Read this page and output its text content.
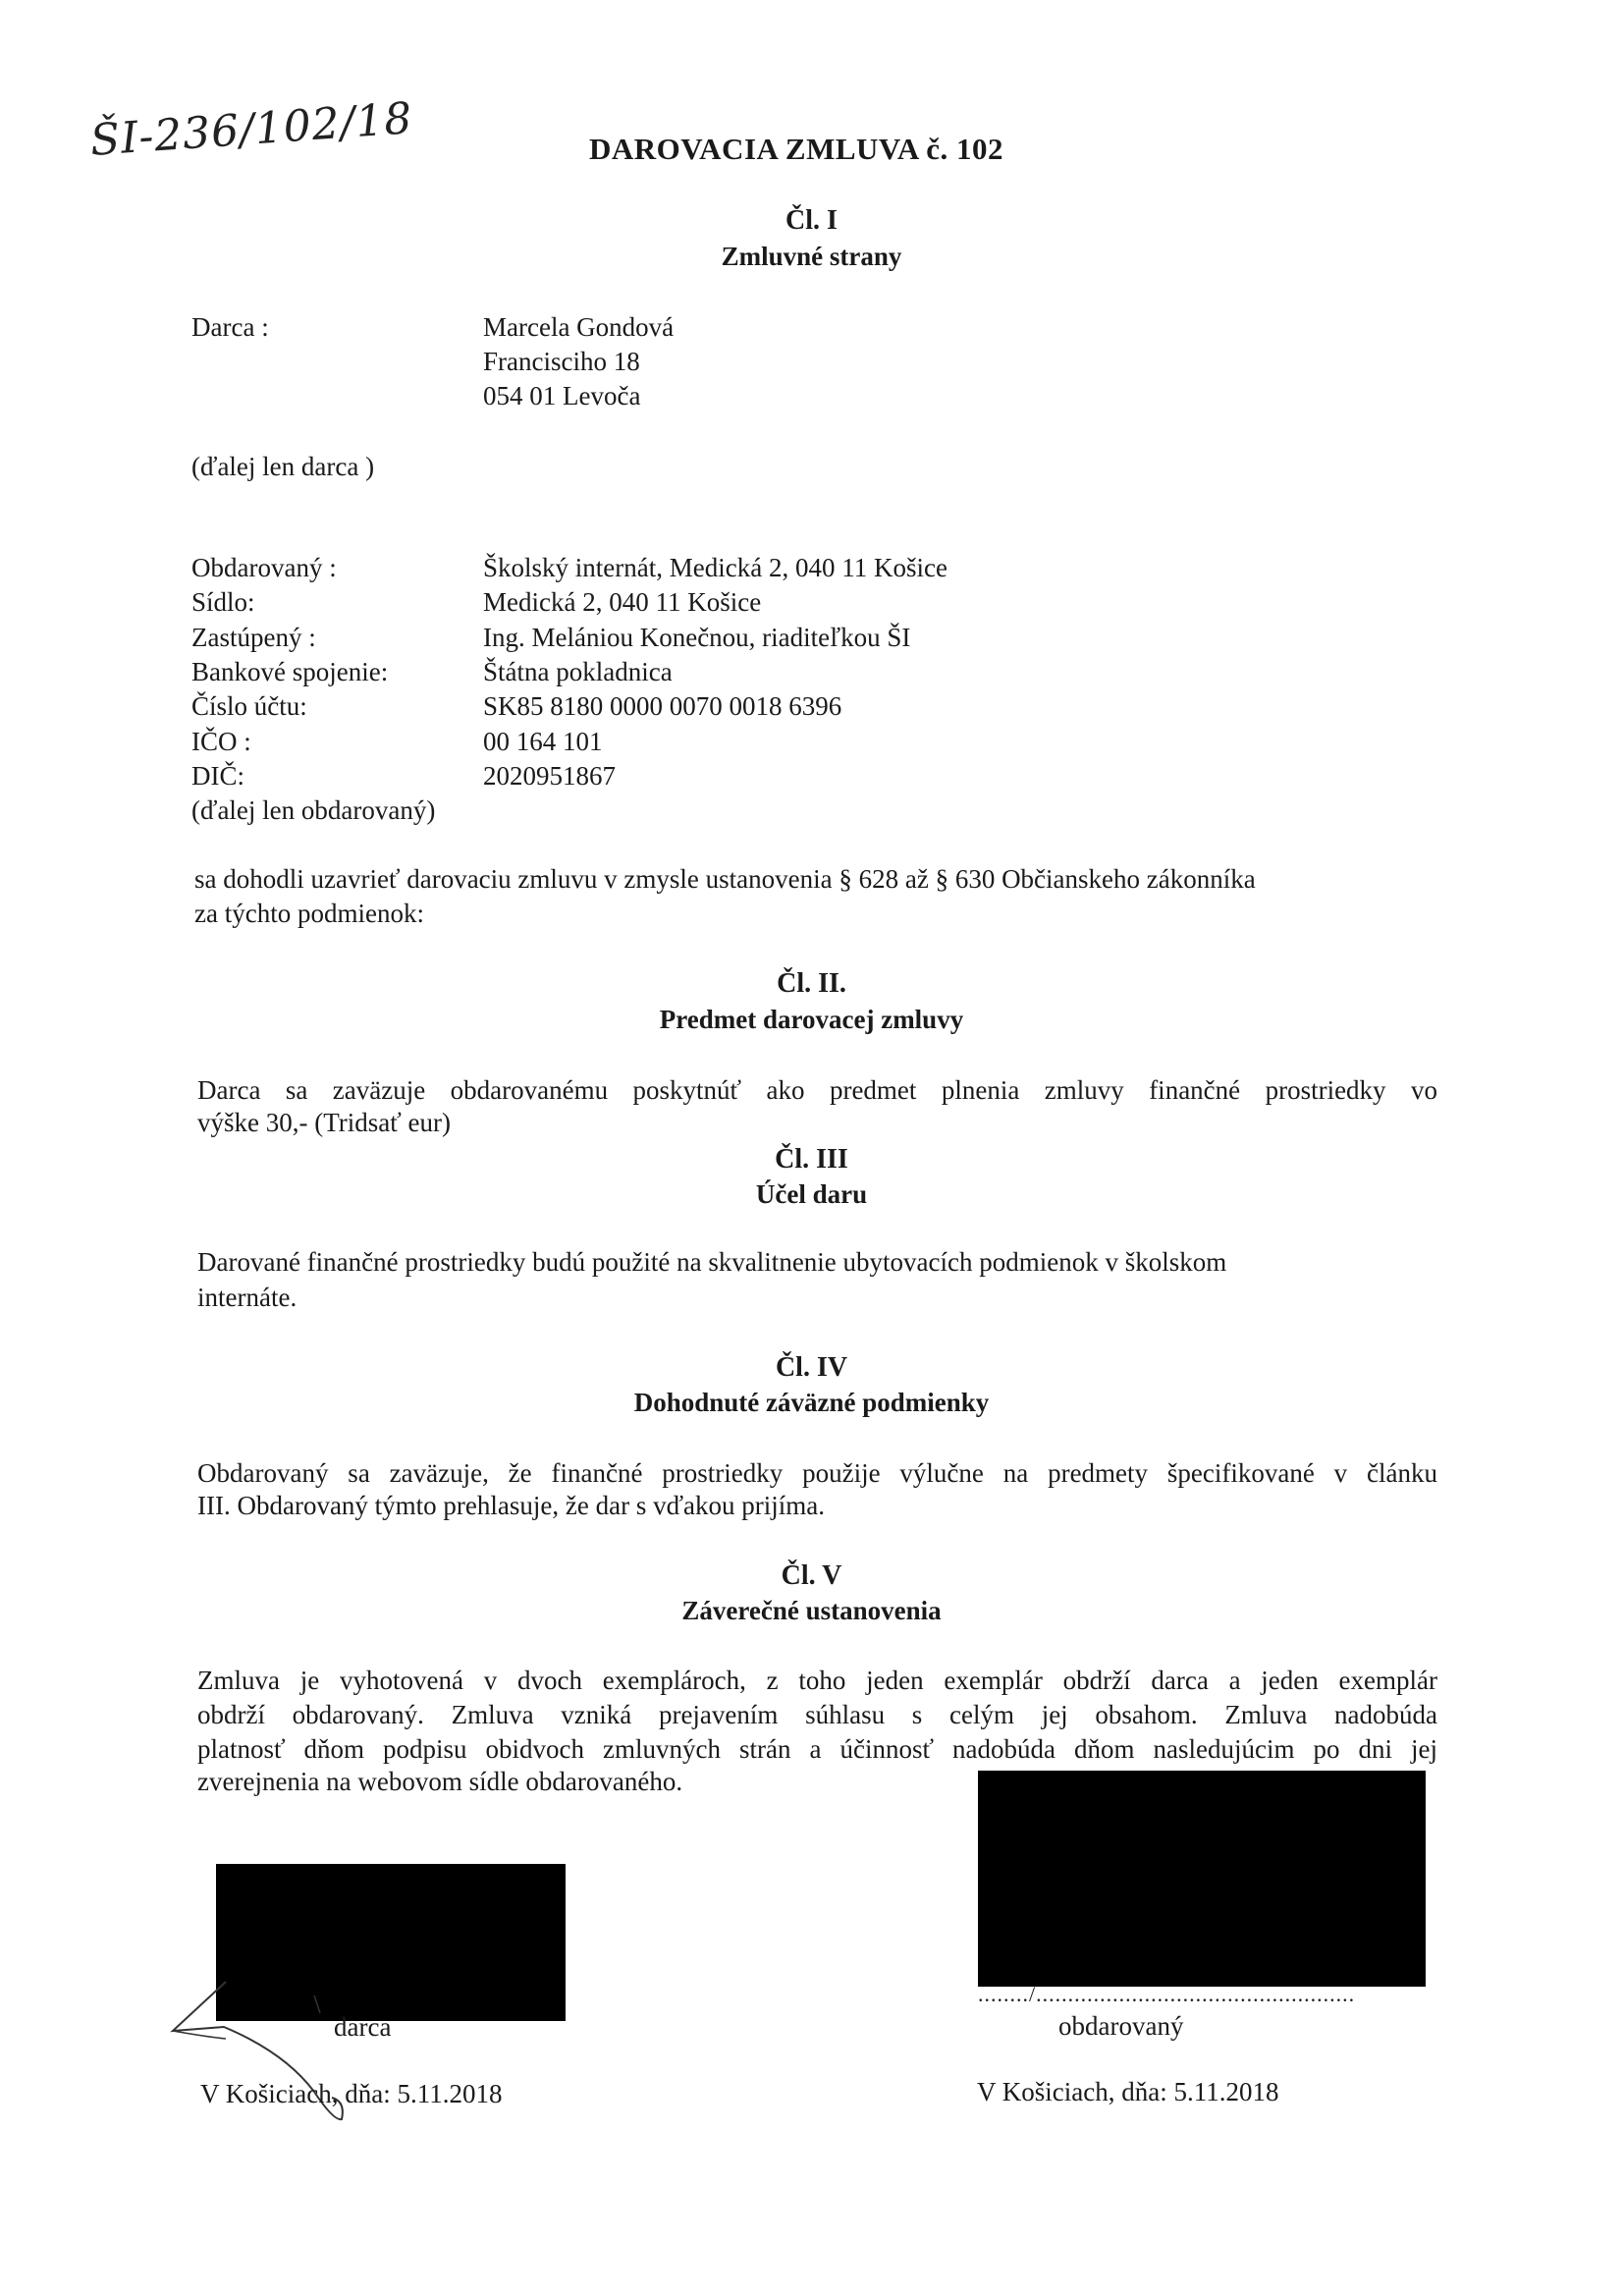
ŠI-236/102/18	DAROVACIA ZMLUVA č. 102
Čl. I
Zmluvné strany
Darca :	Marcela Gondová
Francisciho 18
054 01 Levoča
(ďalej len darca )
Obdarovaný :	Školský internát, Medická 2, 040 11 Košice
Sídlo:	Medická 2, 040 11 Košice
Zastúpený :	Ing. Melániou Konečnou, riaditeľkou ŠI
Bankové spojenie:	Štátna pokladnica
Číslo účtu:	SK85 8180 0000 0070 0018 6396
IČO :	00 164 101
DIČ:	2020951867
(ďalej len obdarovaný)
sa dohodli uzavrieť darovaciu zmluvu v zmysle ustanovenia § 628 až § 630 Občianskeho zákonníka
za týchto podmienok:
Čl. II.
Predmet darovacej zmluvy
Darca sa zaväzuje obdarovanému poskytnúť ako predmet plnenia zmluvy finančné prostriedky vo
výške 30,- (Tridsať eur)
Čl. III
Účel daru
Darované finančné prostriedky budú použité na skvalitnenie ubytovacích podmienok v školskom
internáte.
Čl. IV
Dohodnuté záväzné podmienky
Obdarovaný sa zaväzuje, že finančné prostriedky použije výlučne na predmety špecifikované v článku
III. Obdarovaný týmto prehlasuje, že dar s vďakou prijíma.
Čl. V
Záverečné ustanovenia
Zmluva je vyhotovená v dvoch exemplároch, z toho jeden exemplár obdrží darca a jeden exemplár
obdrží obdarovaný. Zmluva vzniká prejavením súhlasu s celým jej obsahom. Zmluva nadobúda
platnosť dňom podpisu obidvoch zmluvných strán a účinnosť nadobúda dňom nasledujúcim po dni jej
zverejnenia na webovom sídle obdarovaného.
darca
V Košiciach, dňa: 5.11.2018
......../..................................................
obdarovaný
V Košiciach, dňa: 5.11.2018
